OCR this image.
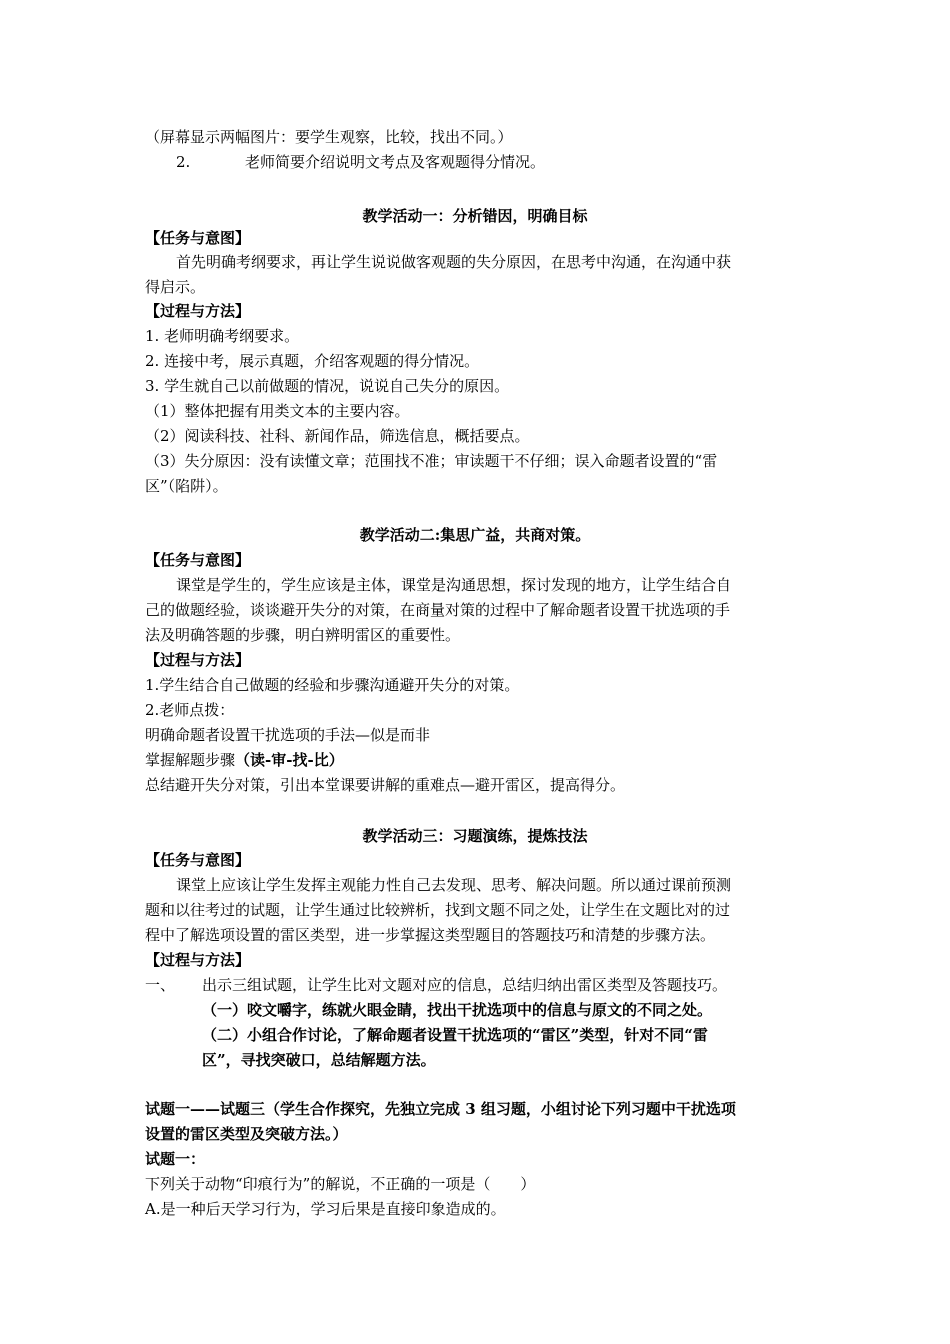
（屏幕显示两幅图片：要学生观察，比较，找出不同。）
2.	老师简要介绍说明文考点及客观题得分情况。
教学活动一：分析错因，明确目标
【任务与意图】
首先明确考纲要求，再让学生说说做客观题的失分原因，在思考中沟通，在沟通中获
得启示。
【过程与方法】
1. 老师明确考纲要求。
2. 连接中考，展示真题，介绍客观题的得分情况。
3. 学生就自己以前做题的情况，说说自己失分的原因。
（1）整体把握有用类文本的主要内容。
（2）阅读科技、社科、新闻作品，筛选信息，概括要点。
（3）失分原因：没有读懂文章；范围找不准；审读题干不仔细；误入命题者设置的“雷
区”（陷阱）。
教学活动二:集思广益，共商对策。
【任务与意图】
课堂是学生的，学生应该是主体，课堂是沟通思想，探讨发现的地方，让学生结合自
己的做题经验，谈谈避开失分的对策，在商量对策的过程中了解命题者设置干扰选项的手
法及明确答题的步骤，明白辨明雷区的重要性。
【过程与方法】
1.学生结合自己做题的经验和步骤沟通避开失分的对策。
2.老师点拨：
明确命题者设置干扰选项的手法—似是而非
掌握解题步骤（读-审-找-比）
总结避开失分对策，引出本堂课要讲解的重难点—避开雷区，提高得分。
教学活动三：习题演练，提炼技法
【任务与意图】
课堂上应该让学生发挥主观能力性自己去发现、思考、解决问题。所以通过课前预测
题和以往考过的试题，让学生通过比较辨析，找到文题不同之处，让学生在文题比对的过
程中了解选项设置的雷区类型，进一步掌握这类型题目的答题技巧和清楚的步骤方法。
【过程与方法】
一、 出示三组试题，让学生比对文题对应的信息，总结归纳出雷区类型及答题技巧。
（一）咬文嚼字，练就火眼金睛，找出干扰选项中的信息与原文的不同之处。
（二）小组合作讨论，了解命题者设置干扰选项的“雷区”类型，针对不同“雷
区”，寻找突破口，总结解题方法。
试题一——试题三（学生合作探究，先独立完成 3 组习题，小组讨论下列习题中干扰选项
设置的雷区类型及突破方法。）
试题一：
下列关于动物“印痕行为”的解说，不正确的一项是（　　）
A.是一种后天学习行为，学习后果是直接印象造成的。
